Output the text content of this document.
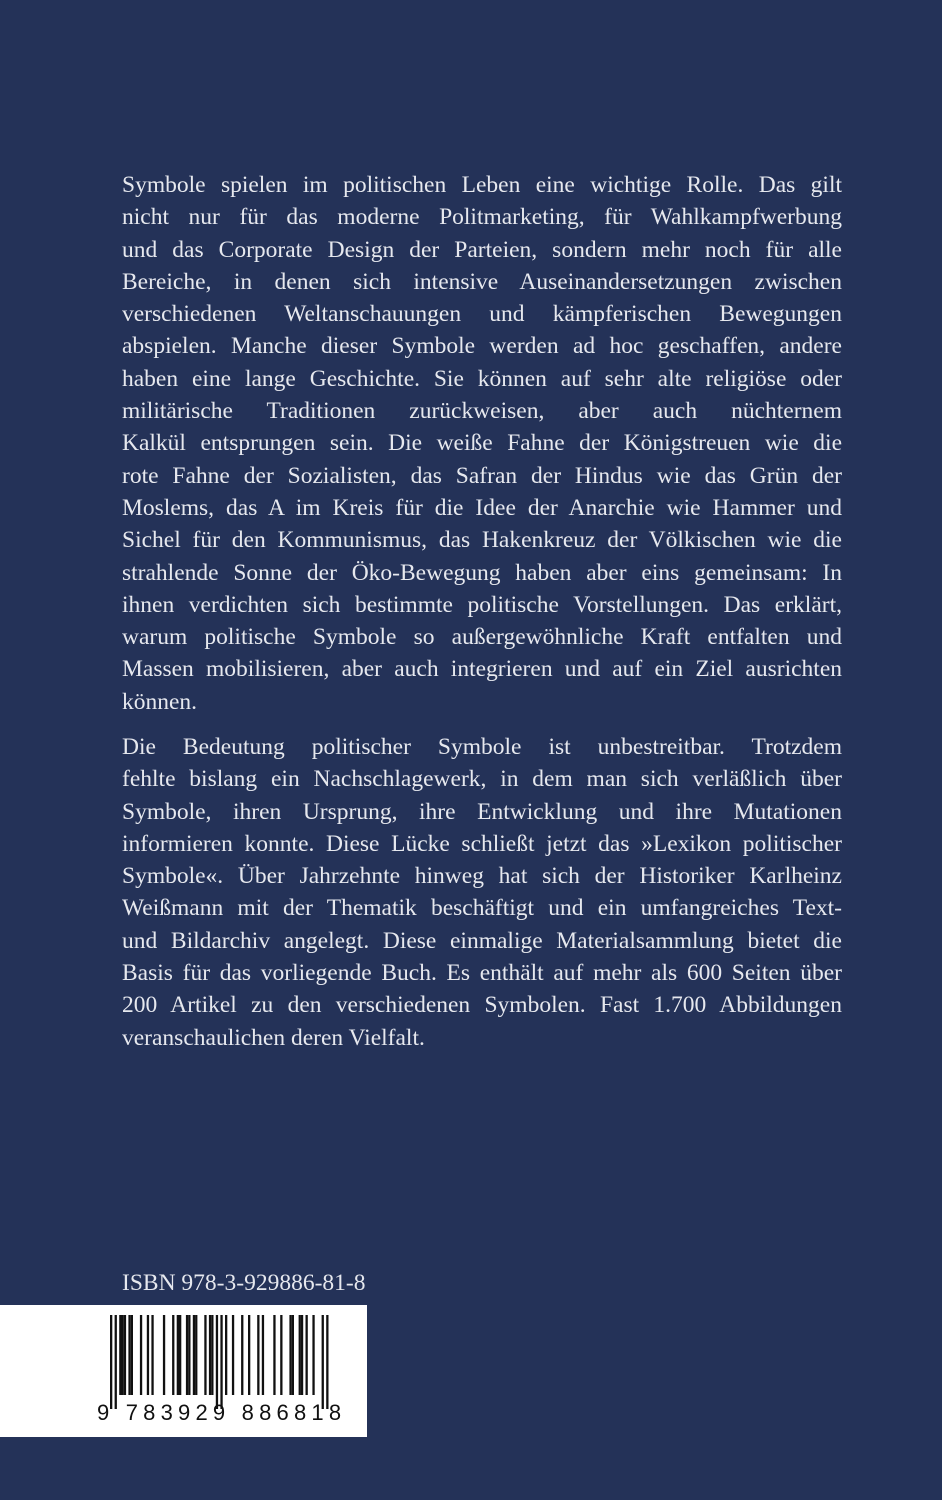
Symbole spielen im politischen Leben eine wichtige Rolle. Das gilt
nicht nur für das moderne Politmarketing, für Wahlkampfwerbung
und das Corporate Design der Parteien, sondern mehr noch für alle
Bereiche, in denen sich intensive Auseinandersetzungen zwischen
verschiedenen Weltanschauungen und kämpferischen Bewegungen
abspielen. Manche dieser Symbole werden ad hoc geschaffen, andere
haben eine lange Geschichte. Sie können auf sehr alte religiöse oder
militärische Traditionen zurückweisen, aber auch nüchternem
Kalkül entsprungen sein. Die weiße Fahne der Königstreuen wie die
rote Fahne der Sozialisten, das Safran der Hindus wie das Grün der
Moslems, das A im Kreis für die Idee der Anarchie wie Hammer und
Sichel für den Kommunismus, das Hakenkreuz der Völkischen wie die
strahlende Sonne der Öko-Bewegung haben aber eins gemeinsam: In
ihnen verdichten sich bestimmte politische Vorstellungen. Das erklärt,
warum politische Symbole so außergewöhnliche Kraft entfalten und
Massen mobilisieren, aber auch integrieren und auf ein Ziel ausrichten
können.
Die Bedeutung politischer Symbole ist unbestreitbar. Trotzdem
fehlte bislang ein Nachschlagewerk, in dem man sich verläßlich über
Symbole, ihren Ursprung, ihre Entwicklung und ihre Mutationen
informieren konnte. Diese Lücke schließt jetzt das »Lexikon politischer
Symbole«. Über Jahrzehnte hinweg hat sich der Historiker Karlheinz
Weißmann mit der Thematik beschäftigt und ein umfangreiches Text-
und Bildarchiv angelegt. Diese einmalige Materialsammlung bietet die
Basis für das vorliegende Buch. Es enthält auf mehr als 600 Seiten über
200 Artikel zu den verschiedenen Symbolen. Fast 1.700 Abbildungen
veranschaulichen deren Vielfalt.
ISBN 978-3-929886-81-8
9 783929 886818
